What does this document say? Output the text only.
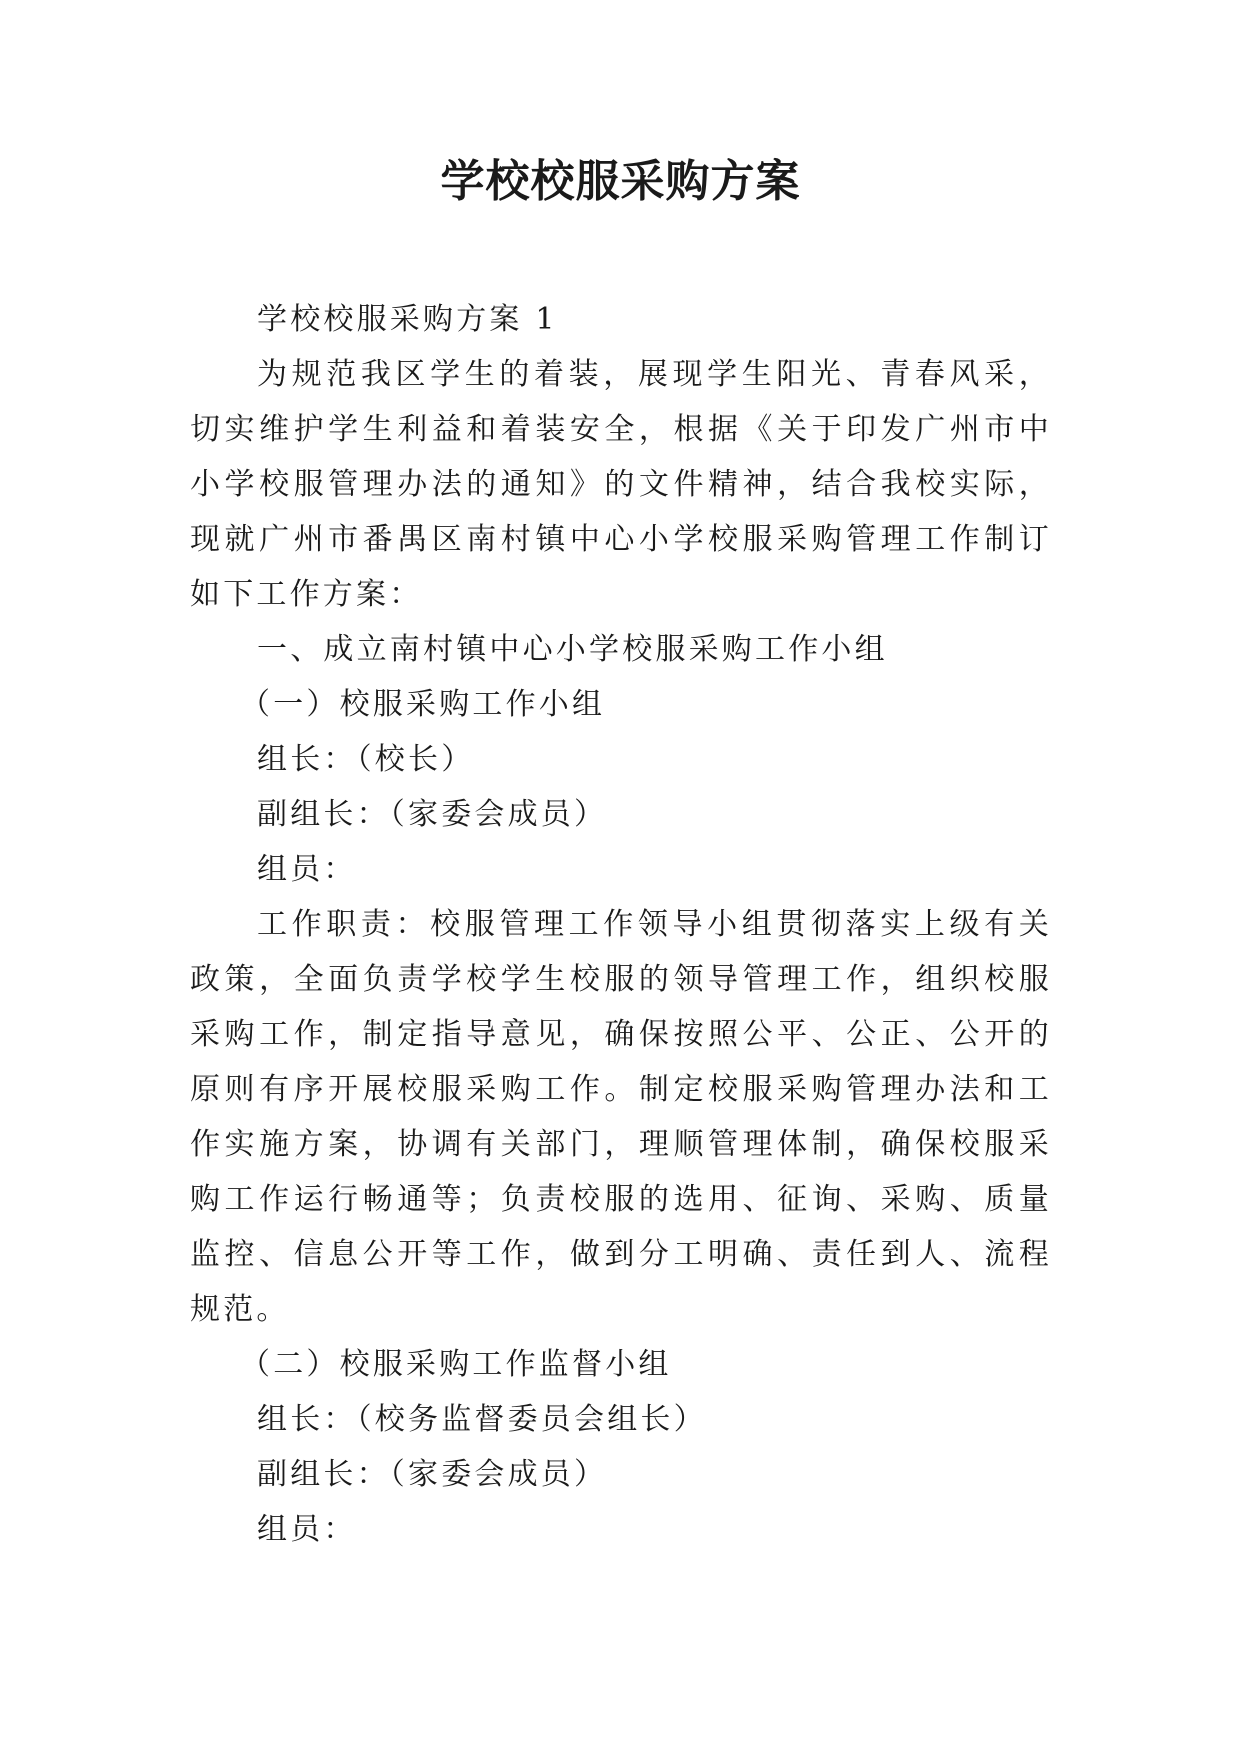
学校校服采购方案

学校校服采购方案 1

为规范我区学生的着装，展现学生阳光、青春风采，切实维护学生利益和着装安全，根据《关于印发广州市中小学校服管理办法的通知》的文件精神，结合我校实际，现就广州市番禺区南村镇中心小学校服采购管理工作制订如下工作方案：

一、成立南村镇中心小学校服采购工作小组

（一）校服采购工作小组

组长：（校长）

副组长：（家委会成员）

组员：

工作职责：校服管理工作领导小组贯彻落实上级有关政策，全面负责学校学生校服的领导管理工作，组织校服采购工作，制定指导意见，确保按照公平、公正、公开的原则有序开展校服采购工作。制定校服采购管理办法和工作实施方案，协调有关部门，理顺管理体制，确保校服采购工作运行畅通等；负责校服的选用、征询、采购、质量监控、信息公开等工作，做到分工明确、责任到人、流程规范。

（二）校服采购工作监督小组

组长：（校务监督委员会组长）

副组长：（家委会成员）

组员：
